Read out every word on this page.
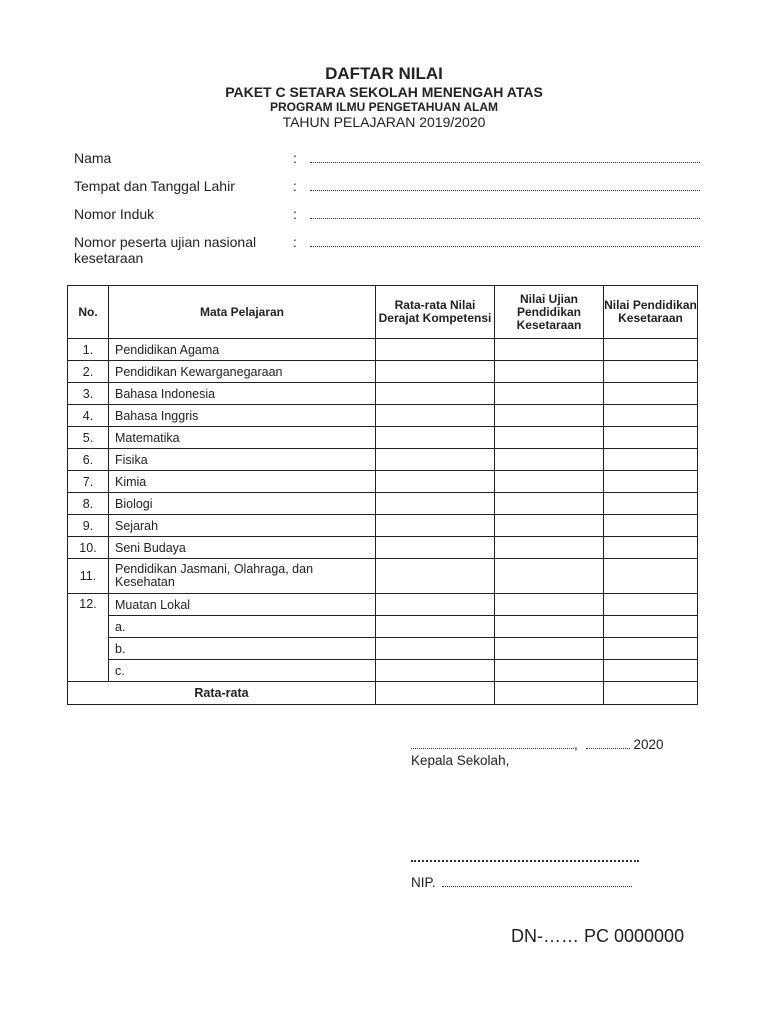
DAFTAR NILAI
PAKET C SETARA SEKOLAH MENENGAH ATAS
PROGRAM ILMU PENGETAHUAN ALAM
TAHUN PELAJARAN 2019/2020
Nama	:
Tempat dan Tanggal Lahir	:
Nomor Induk	:
Nomor peserta ujian nasional kesetaraan
:
No.	Mata Pelajaran	Rata-rata Nilai Derajat Kompetensi	Nilai Ujian Pendidikan Kesetaraan	Nilai Pendidikan Kesetaraan
1.	Pendidikan Agama			
2.	Pendidikan Kewarganegaraan			
3.	Bahasa Indonesia			
4.	Bahasa Inggris			
5.	Matematika			
6.	Fisika			
7.	Kimia			
8.	Biologi			
9.	Sejarah			
10.	Seni Budaya			
11.	Pendidikan Jasmani, Olahraga, dan Kesehatan			
12.	Muatan Lokal			
	a.			
	b.			
	c.			
Rata-rata				
,	2020
Kepala Sekolah,
NIP.
DN-…… PC 0000000
